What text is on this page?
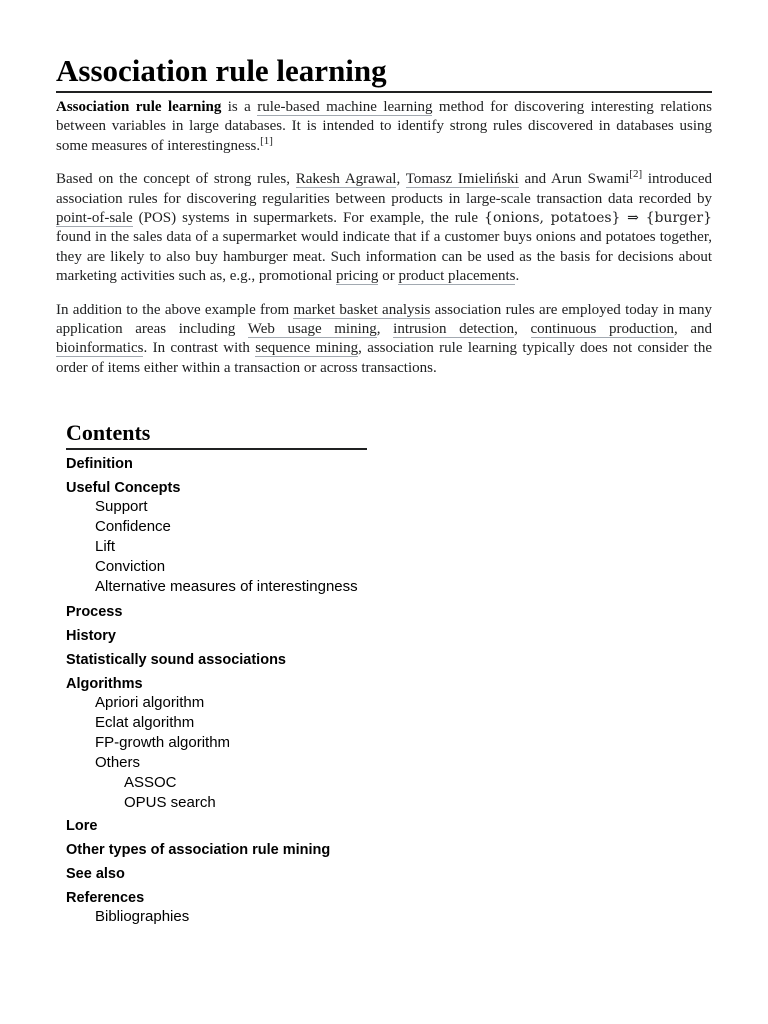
Association rule learning

Association rule learning is a rule-based machine learning method for discovering interesting relations between variables in large databases. It is intended to identify strong rules discovered in databases using some measures of interestingness.[1]

Based on the concept of strong rules, Rakesh Agrawal, Tomasz Imieliński and Arun Swami[2] introduced association rules for discovering regularities between products in large-scale transaction data recorded by point-of-sale (POS) systems in supermarkets. For example, the rule {onions, potatoes} ⇒ {burger} found in the sales data of a supermarket would indicate that if a customer buys onions and potatoes together, they are likely to also buy hamburger meat. Such information can be used as the basis for decisions about marketing activities such as, e.g., promotional pricing or product placements.

In addition to the above example from market basket analysis association rules are employed today in many application areas including Web usage mining, intrusion detection, continuous production, and bioinformatics. In contrast with sequence mining, association rule learning typically does not consider the order of items either within a transaction or across transactions.

Contents
Definition
Useful Concepts
Support
Confidence
Lift
Conviction
Alternative measures of interestingness
Process
History
Statistically sound associations
Algorithms
Apriori algorithm
Eclat algorithm
FP-growth algorithm
Others
ASSOC
OPUS search
Lore
Other types of association rule mining
See also
References
Bibliographies
